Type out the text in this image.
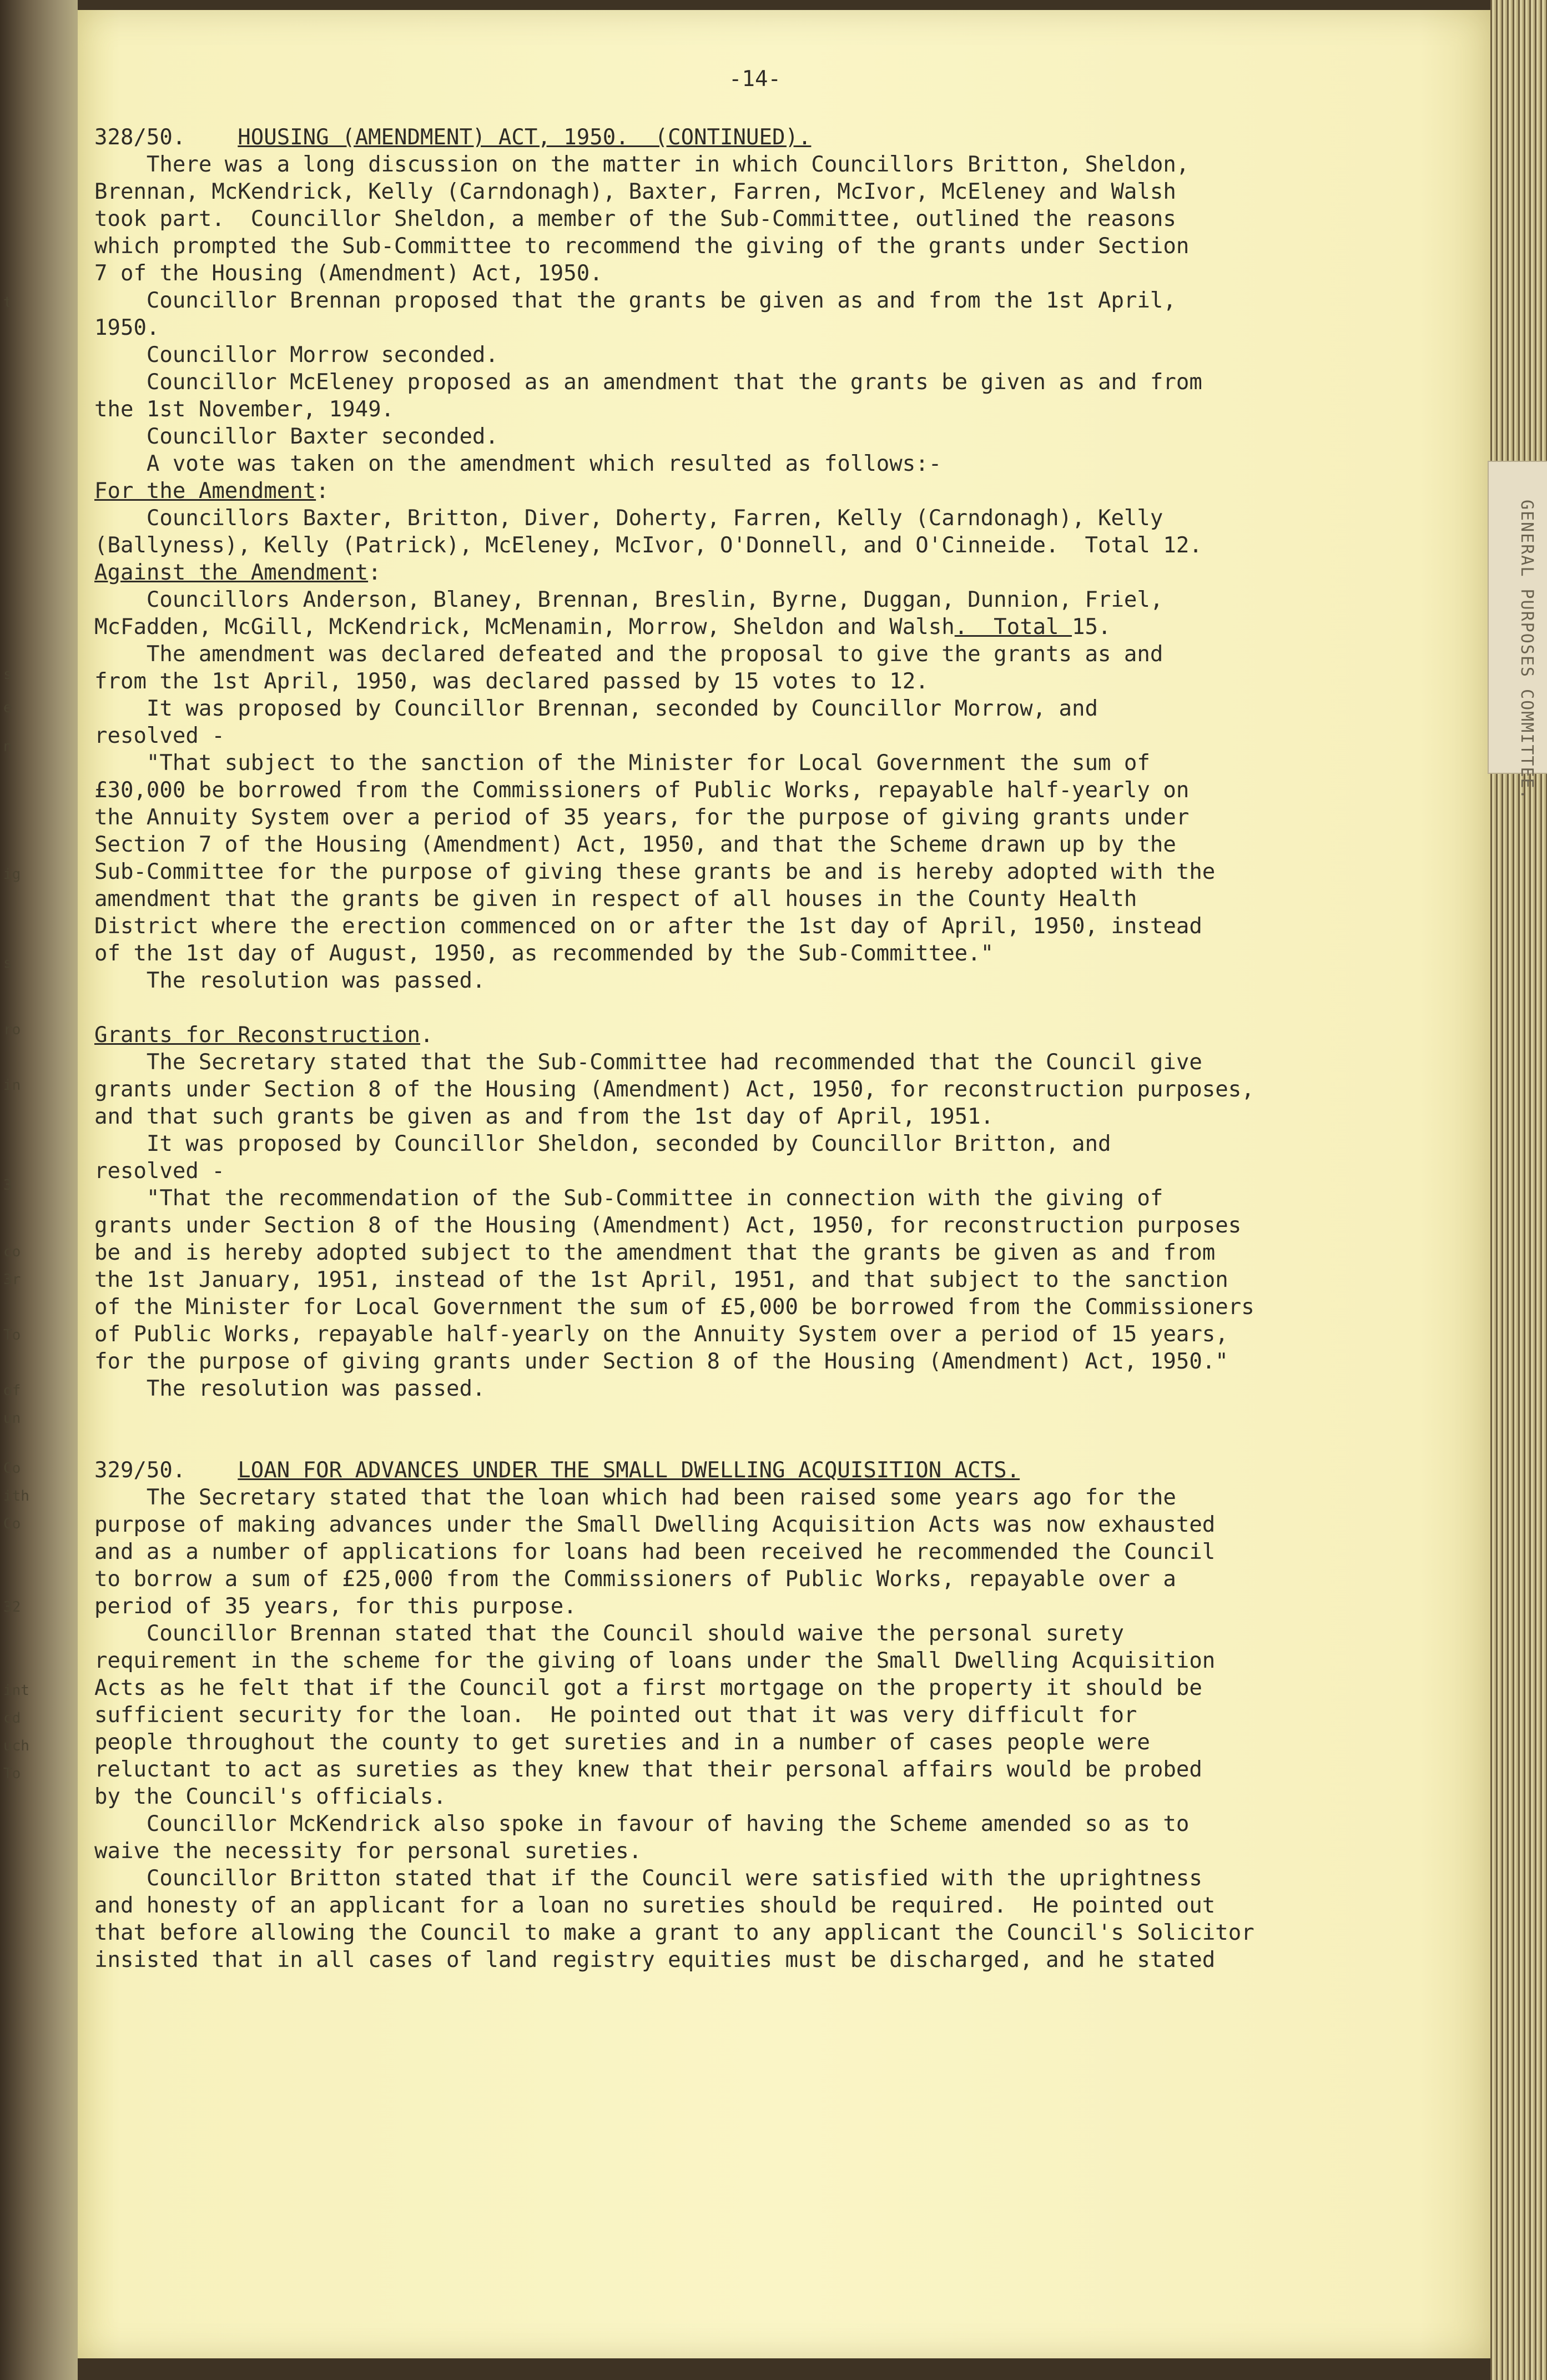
t
s
e
n
ig
s
ro
in
3
co
3r
To
of
un
Co
ith
Co
32
int
cd
uch
To

-14-

328/50.    HOUSING (AMENDMENT) ACT, 1950.  (CONTINUED).

There was a long discussion on the matter in which Councillors Britton, Sheldon,

Brennan, McKendrick, Kelly (Carndonagh), Baxter, Farren, McIvor, McEleney and Walsh

took part.  Councillor Sheldon, a member of the Sub-Committee, outlined the reasons

which prompted the Sub-Committee to recommend the giving of the grants under Section

7 of the Housing (Amendment) Act, 1950.

Councillor Brennan proposed that the grants be given as and from the 1st April,

1950.

Councillor Morrow seconded.

Councillor McEleney proposed as an amendment that the grants be given as and from

the 1st November, 1949.

Councillor Baxter seconded.

A vote was taken on the amendment which resulted as follows:-

For the Amendment:

Councillors Baxter, Britton, Diver, Doherty, Farren, Kelly (Carndonagh), Kelly

(Ballyness), Kelly (Patrick), McEleney, McIvor, O'Donnell, and O'Cinneide.  Total 12.

Against the Amendment:

Councillors Anderson, Blaney, Brennan, Breslin, Byrne, Duggan, Dunnion, Friel,

McFadden, McGill, McKendrick, McMenamin, Morrow, Sheldon and Walsh.  Total 15.

The amendment was declared defeated and the proposal to give the grants as and

from the 1st April, 1950, was declared passed by 15 votes to 12.

It was proposed by Councillor Brennan, seconded by Councillor Morrow, and

resolved -

"That subject to the sanction of the Minister for Local Government the sum of

£30,000 be borrowed from the Commissioners of Public Works, repayable half-yearly on

the Annuity System over a period of 35 years, for the purpose of giving grants under

Section 7 of the Housing (Amendment) Act, 1950, and that the Scheme drawn up by the

Sub-Committee for the purpose of giving these grants be and is hereby adopted with the

amendment that the grants be given in respect of all houses in the County Health

District where the erection commenced on or after the 1st day of April, 1950, instead

of the 1st day of August, 1950, as recommended by the Sub-Committee."

The resolution was passed.

Grants for Reconstruction.

The Secretary stated that the Sub-Committee had recommended that the Council give

grants under Section 8 of the Housing (Amendment) Act, 1950, for reconstruction purposes,

and that such grants be given as and from the 1st day of April, 1951.

It was proposed by Councillor Sheldon, seconded by Councillor Britton, and

resolved -

"That the recommendation of the Sub-Committee in connection with the giving of

grants under Section 8 of the Housing (Amendment) Act, 1950, for reconstruction purposes

be and is hereby adopted subject to the amendment that the grants be given as and from

the 1st January, 1951, instead of the 1st April, 1951, and that subject to the sanction

of the Minister for Local Government the sum of £5,000 be borrowed from the Commissioners

of Public Works, repayable half-yearly on the Annuity System over a period of 15 years,

for the purpose of giving grants under Section 8 of the Housing (Amendment) Act, 1950."

The resolution was passed.

329/50.    LOAN FOR ADVANCES UNDER THE SMALL DWELLING ACQUISITION ACTS.

The Secretary stated that the loan which had been raised some years ago for the

purpose of making advances under the Small Dwelling Acquisition Acts was now exhausted

and as a number of applications for loans had been received he recommended the Council

to borrow a sum of £25,000 from the Commissioners of Public Works, repayable over a

period of 35 years, for this purpose.

Councillor Brennan stated that the Council should waive the personal surety

requirement in the scheme for the giving of loans under the Small Dwelling Acquisition

Acts as he felt that if the Council got a first mortgage on the property it should be

sufficient security for the loan.  He pointed out that it was very difficult for

people throughout the county to get sureties and in a number of cases people were

reluctant to act as sureties as they knew that their personal affairs would be probed

by the Council's officials.

Councillor McKendrick also spoke in favour of having the Scheme amended so as to

waive the necessity for personal sureties.

Councillor Britton stated that if the Council were satisfied with the uprightness

and honesty of an applicant for a loan no sureties should be required.  He pointed out

that before allowing the Council to make a grant to any applicant the Council's Solicitor

insisted that in all cases of land registry equities must be discharged, and he stated

GENERAL PURPOSES COMMITTEE.
